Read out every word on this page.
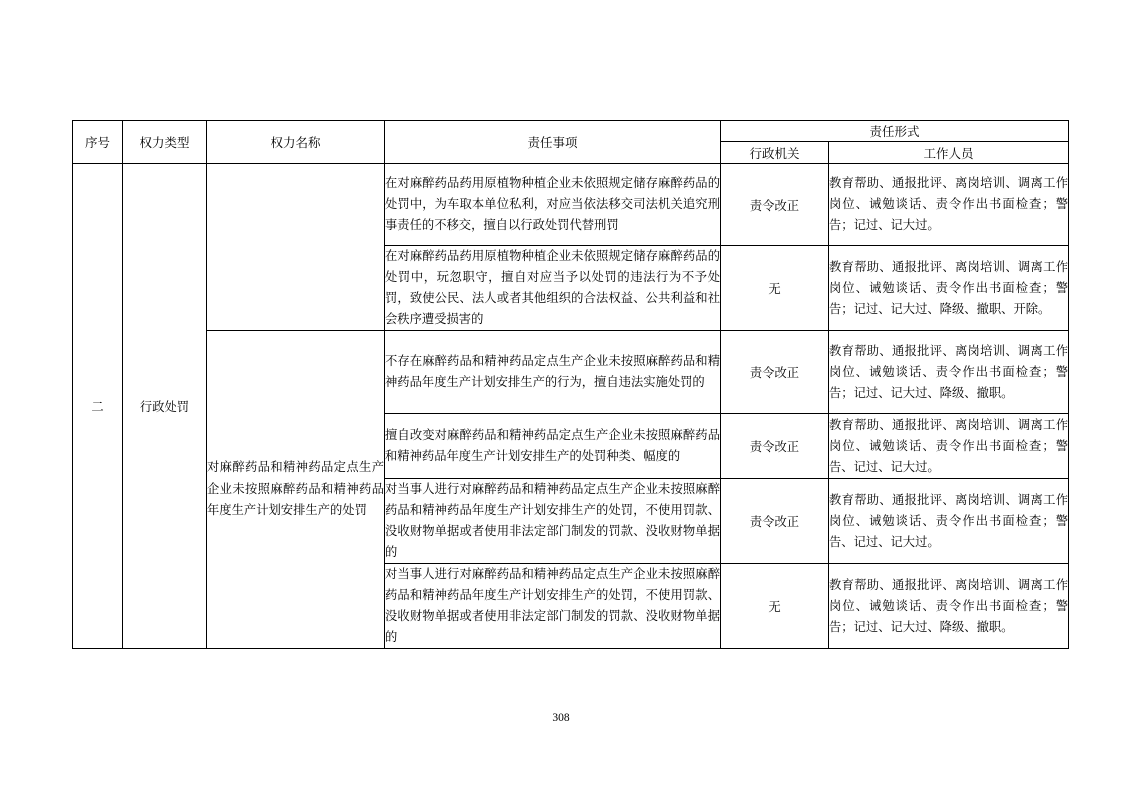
序号	权力类型	权力名称	责任事项	责任形式	
				行政机关	工作人员
二	行政处罚		在对麻醉药品药用原植物种植企业未依照规定储存麻醉药品的处罚中，为车取本单位私利，对应当依法移交司法机关追究刑事责任的不移交，擅自以行政处罚代替刑罚	责令改正	教育帮助、通报批评、离岗培训、调离工作岗位、诫勉谈话、责令作出书面检查；警告；记过、记大过。
			在对麻醉药品药用原植物种植企业未依照规定储存麻醉药品的处罚中，玩忽职守，擅自对应当予以处罚的违法行为不予处罚，致使公民、法人或者其他组织的合法权益、公共利益和社会秩序遭受损害的	无	教育帮助、通报批评、离岗培训、调离工作岗位、诫勉谈话、责令作出书面检查；警告；记过、记大过、降级、撤职、开除。
		对麻醉药品和精神药品定点生产企业未按照麻醉药品和精神药品年度生产计划安排生产的处罚	不存在麻醉药品和精神药品定点生产企业未按照麻醉药品和精神药品年度生产计划安排生产的行为，擅自违法实施处罚的	责令改正	教育帮助、通报批评、离岗培训、调离工作岗位、诫勉谈话、责令作出书面检查；警告；记过、记大过、降级、撤职。
			擅自改变对麻醉药品和精神药品定点生产企业未按照麻醉药品和精神药品年度生产计划安排生产的处罚种类、幅度的	责令改正	教育帮助、通报批评、离岗培训、调离工作岗位、诫勉谈话、责令作出书面检查；警告、记过、记大过。
			对当事人进行对麻醉药品和精神药品定点生产企业未按照麻醉药品和精神药品年度生产计划安排生产的处罚，不使用罚款、没收财物单据或者使用非法定部门制发的罚款、没收财物单据的	责令改正	教育帮助、通报批评、离岗培训、调离工作岗位、诫勉谈话、责令作出书面检查；警告、记过、记大过。
			对当事人进行对麻醉药品和精神药品定点生产企业未按照麻醉药品和精神药品年度生产计划安排生产的处罚，不使用罚款、没收财物单据或者使用非法定部门制发的罚款、没收财物单据的	无	教育帮助、通报批评、离岗培训、调离工作岗位、诫勉谈话、责令作出书面检查；警告；记过、记大过、降级、撤职。
308
